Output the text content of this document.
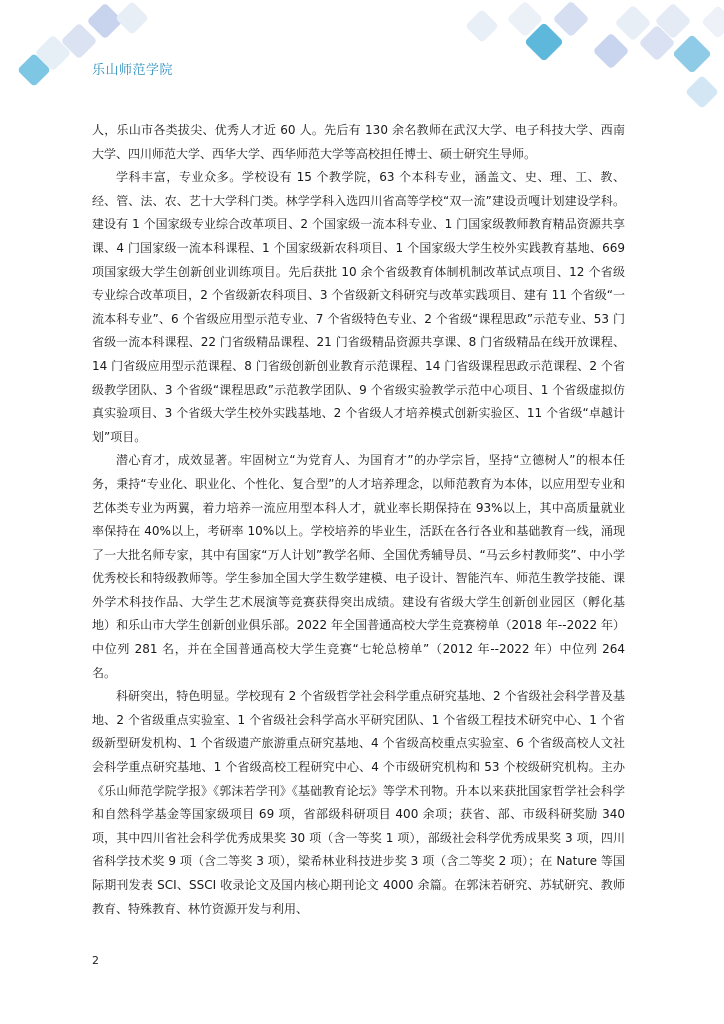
乐山师范学院

人，乐山市各类拔尖、优秀人才近 60 人。先后有 130 余名教师在武汉大学、电子科技大学、西南大学、四川师范大学、西华大学、西华师范大学等高校担任博士、硕士研究生导师。

学科丰富，专业众多。学校设有 15 个教学院，63 个本科专业，涵盖文、史、理、工、教、经、管、法、农、艺十大学科门类。林学学科入选四川省高等学校“双一流”建设贡嘎计划建设学科。建设有 1 个国家级专业综合改革项目、2 个国家级一流本科专业、1 门国家级教师教育精品资源共享课、4 门国家级一流本科课程、1 个国家级新农科项目、1 个国家级大学生校外实践教育基地、669 项国家级大学生创新创业训练项目。先后获批 10 余个省级教育体制机制改革试点项目、12 个省级专业综合改革项目，2 个省级新农科项目、3 个省级新文科研究与改革实践项目、建有 11 个省级“一流本科专业”、6 个省级应用型示范专业、7 个省级特色专业、2 个省级“课程思政”示范专业、53 门省级一流本科课程、22 门省级精品课程、21 门省级精品资源共享课、8 门省级精品在线开放课程、14 门省级应用型示范课程、8 门省级创新创业教育示范课程、14 门省级课程思政示范课程、2 个省级教学团队、3 个省级“课程思政”示范教学团队、9 个省级实验教学示范中心项目、1 个省级虚拟仿真实验项目、3 个省级大学生校外实践基地、2 个省级人才培养模式创新实验区、11 个省级“卓越计划”项目。

潜心育才，成效显著。牢固树立“为党育人、为国育才”的办学宗旨，坚持“立德树人”的根本任务，秉持“专业化、职业化、个性化、复合型”的人才培养理念，以师范教育为本体，以应用型专业和艺体类专业为两翼，着力培养一流应用型本科人才，就业率长期保持在 93%以上，其中高质量就业率保持在 40%以上，考研率 10%以上。学校培养的毕业生，活跃在各行各业和基础教育一线，涌现了一大批名师专家，其中有国家“万人计划”教学名师、全国优秀辅导员、“马云乡村教师奖”、中小学优秀校长和特级教师等。学生参加全国大学生数学建模、电子设计、智能汽车、师范生教学技能、课外学术科技作品、大学生艺术展演等竞赛获得突出成绩。建设有省级大学生创新创业园区（孵化基地）和乐山市大学生创新创业俱乐部。2022 年全国普通高校大学生竞赛榜单（2018 年--2022 年）中位列 281 名，并在全国普通高校大学生竞赛“七轮总榜单”（2012 年--2022 年）中位列 264 名。

科研突出，特色明显。学校现有 2 个省级哲学社会科学重点研究基地、2 个省级社会科学普及基地、2 个省级重点实验室、1 个省级社会科学高水平研究团队、1 个省级工程技术研究中心、1 个省级新型研发机构、1 个省级遗产旅游重点研究基地、4 个省级高校重点实验室、6 个省级高校人文社会科学重点研究基地、1 个省级高校工程研究中心、4 个市级研究机构和 53 个校级研究机构。主办《乐山师范学院学报》《郭沫若学刊》《基础教育论坛》等学术刊物。升本以来获批国家哲学社会科学和自然科学基金等国家级项目 69 项，省部级科研项目 400 余项；获省、部、市级科研奖励 340 项，其中四川省社会科学优秀成果奖 30 项（含一等奖 1 项），部级社会科学优秀成果奖 3 项，四川省科学技术奖 9 项（含二等奖 3 项），梁希林业科技进步奖 3 项（含二等奖 2 项）；在 Nature 等国际期刊发表 SCI、SSCI 收录论文及国内核心期刊论文 4000 余篇。在郭沫若研究、苏轼研究、教师教育、特殊教育、林竹资源开发与利用、

2
